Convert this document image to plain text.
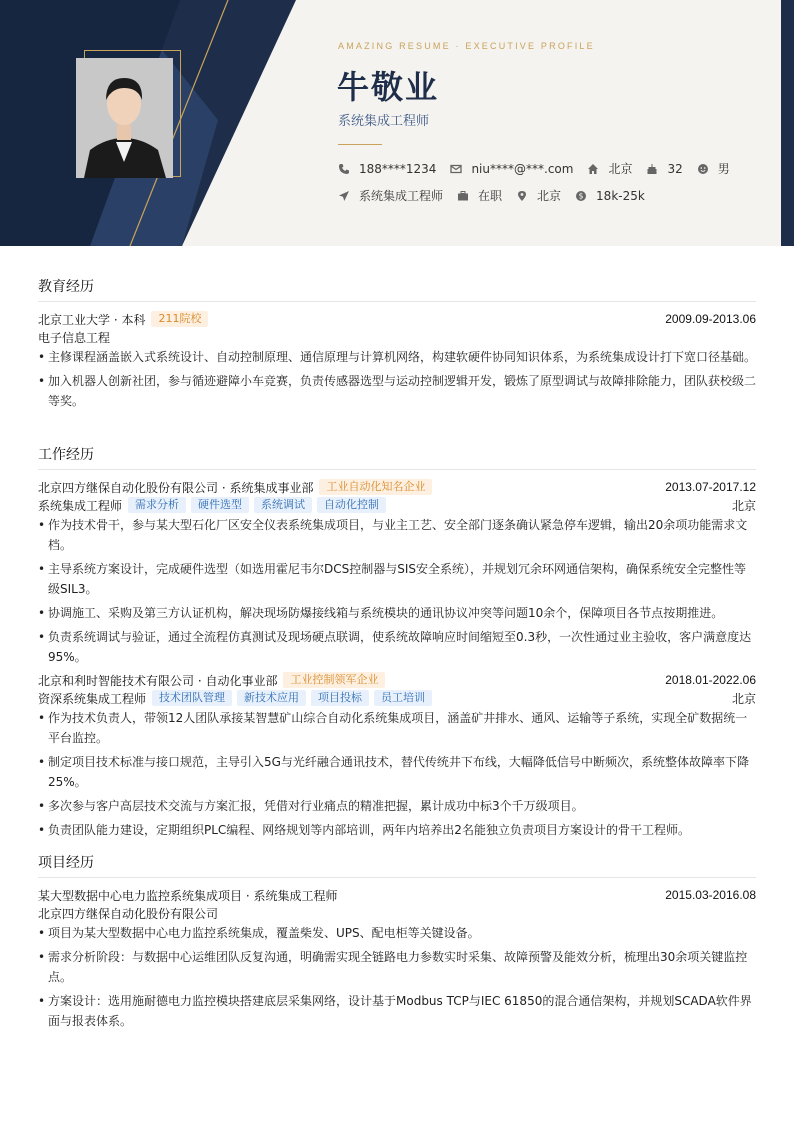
AMAZING RESUME · EXECUTIVE PROFILE
牛敬业
系统集成工程师
188****1234	niu****@***.com	北京	32	男
系统集成工程师	在职	北京 $ 18k-25k
教育经历
北京工业大学 · 本科	211院校	2009.09-2013.06
电子信息工程
• 主修课程涵盖嵌入式系统设计、自动控制原理、通信原理与计算机网络，构建软硬件协同知识体系，为系统集成设计打下宽口径基础。
• 加入机器人创新社团，参与循迹避障小车竞赛，负责传感器选型与运动控制逻辑开发，锻炼了原型调试与故障排除能力，团队获校级二等奖。
工作经历
北京四方继保自动化股份有限公司 · 系统集成事业部	工业自动化知名企业	2013.07-2017.12
系统集成工程师	需求分析	硬件选型	系统调试	自动化控制	北京
• 作为技术骨干，参与某大型石化厂区安全仪表系统集成项目，与业主工艺、安全部门逐条确认紧急停车逻辑，输出20余项功能需求文档。
• 主导系统方案设计，完成硬件选型（如选用霍尼韦尔DCS控制器与SIS安全系统），并规划冗余环网通信架构，确保系统安全完整性等级SIL3。
• 协调施工、采购及第三方认证机构，解决现场防爆接线箱与系统模块的通讯协议冲突等问题10余个，保障项目各节点按期推进。
• 负责系统调试与验证，通过全流程仿真测试及现场硬点联调，使系统故障响应时间缩短至0.3秒，一次性通过业主验收，客户满意度达95%。
北京和利时智能技术有限公司 · 自动化事业部	工业控制领军企业	2018.01-2022.06
资深系统集成工程师	技术团队管理	新技术应用	项目投标	员工培训	北京
• 作为技术负责人，带领12人团队承接某智慧矿山综合自动化系统集成项目，涵盖矿井排水、通风、运输等子系统，实现全矿数据统一平台监控。
• 制定项目技术标准与接口规范，主导引入5G与光纤融合通讯技术，替代传统井下布线，大幅降低信号中断频次，系统整体故障率下降25%。
• 多次参与客户高层技术交流与方案汇报，凭借对行业痛点的精准把握，累计成功中标3个千万级项目。
• 负责团队能力建设，定期组织PLC编程、网络规划等内部培训，两年内培养出2名能独立负责项目方案设计的骨干工程师。
项目经历
某大型数据中心电力监控系统集成项目 · 系统集成工程师	2015.03-2016.08
北京四方继保自动化股份有限公司
• 项目为某大型数据中心电力监控系统集成，覆盖柴发、UPS、配电柜等关键设备。
• 需求分析阶段：与数据中心运维团队反复沟通，明确需实现全链路电力参数实时采集、故障预警及能效分析，梳理出30余项关键监控点。
• 方案设计：选用施耐德电力监控模块搭建底层采集网络，设计基于Modbus TCP与IEC 61850的混合通信架构，并规划SCADA软件界面与报表体系。
